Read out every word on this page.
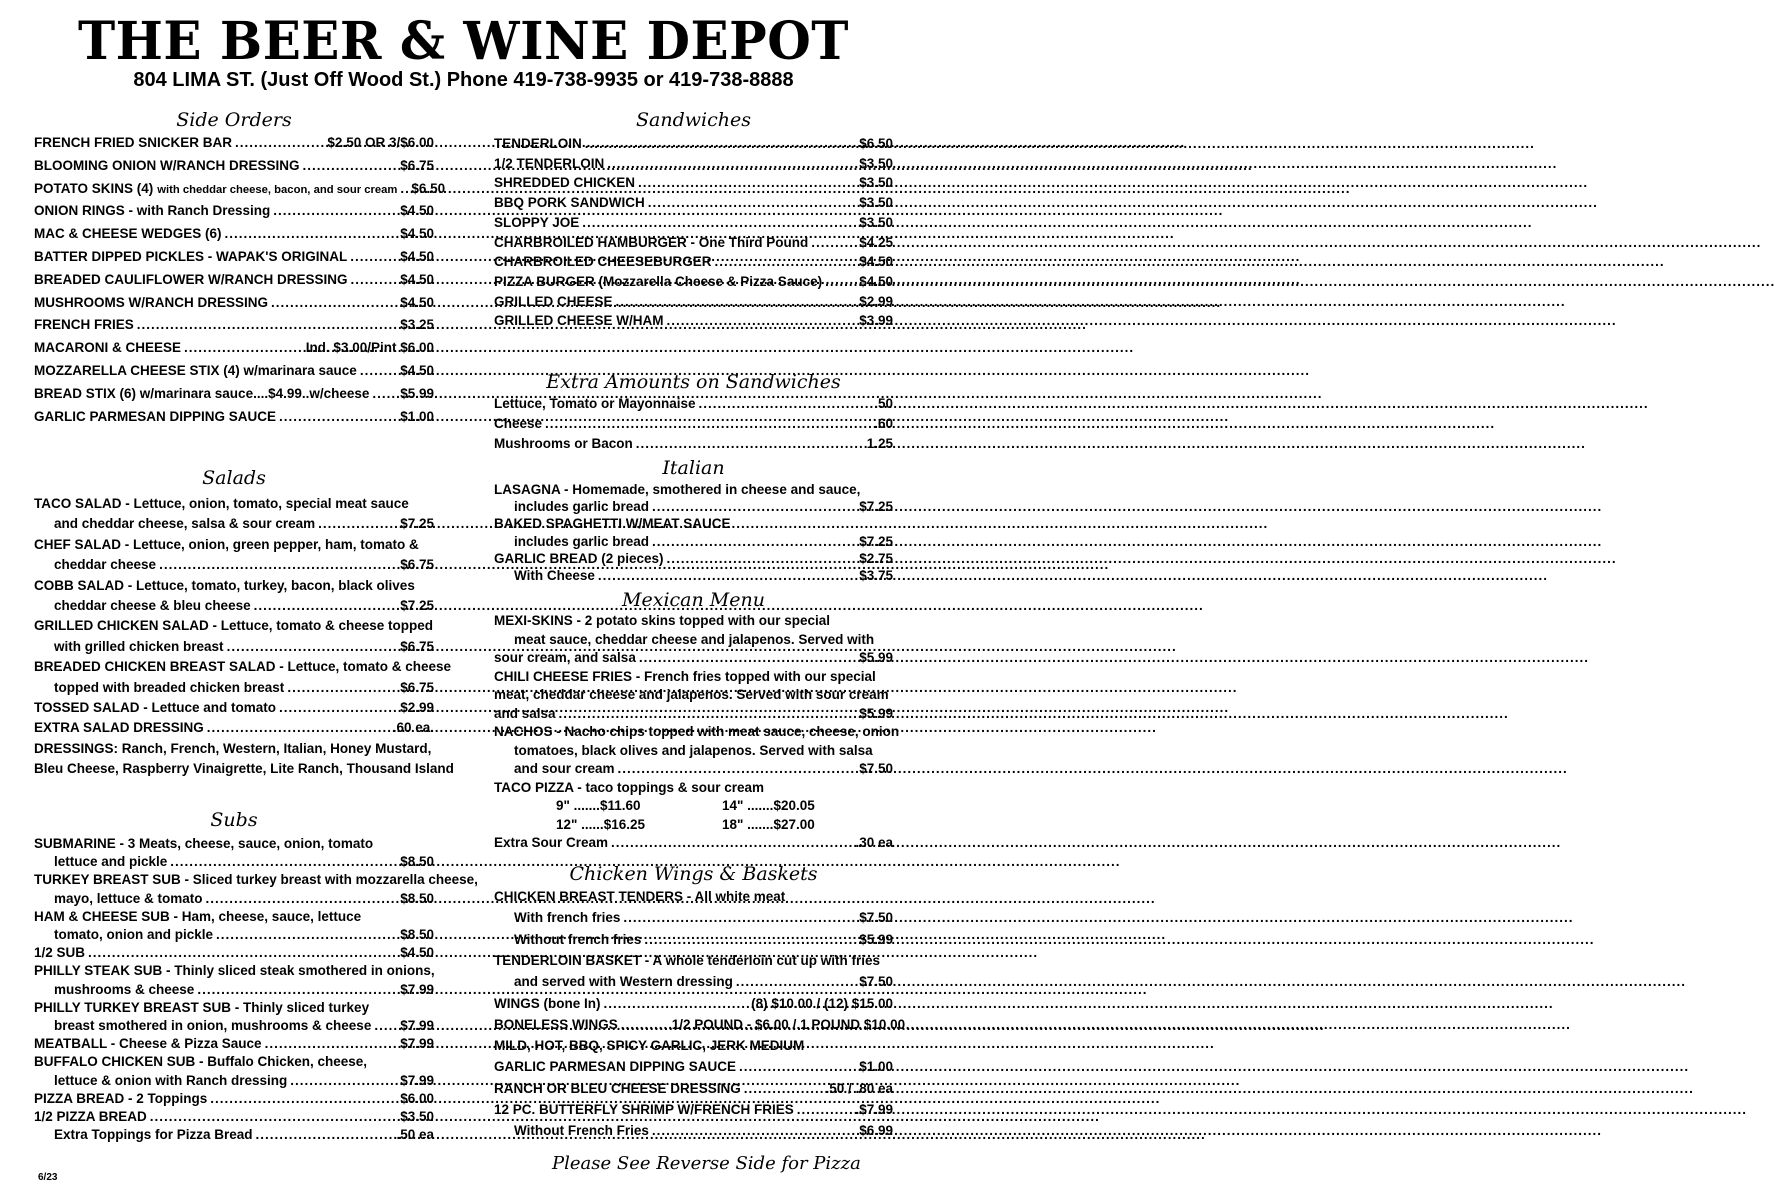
THE BEER & WINE DEPOT
804 LIMA ST. (Just Off Wood St.) Phone 419-738-9935 or 419-738-8888
Side Orders
FRENCH FRIED SNICKER BAR .....	$2.50 OR 3/$6.00
BLOOMING ONION W/RANCH DRESSING .....	$6.75
POTATO SKINS (4) with cheddar cheese, bacon, and sour cream ..... $6.50
ONION RINGS - with Ranch Dressing .....	$4.50
MAC & CHEESE WEDGES (6) .....	$4.50
BATTER DIPPED PICKLES - WAPAK'S ORIGINAL .....	$4.50
BREADED CAULIFLOWER W/RANCH DRESSING .....	$4.50
MUSHROOMS W/RANCH DRESSING .....	$4.50
FRENCH FRIES .....	$3.25
MACARONI & CHEESE .....	Ind. $3.00/Pint $6.00
MOZZARELLA CHEESE STIX (4) w/marinara sauce .....	$4.50
BREAD STIX (6) w/marinara sauce....$4.99..w/cheese ..... $5.99
GARLIC PARMESAN DIPPING SAUCE .....	$1.00
Salads
TACO SALAD - Lettuce, onion, tomato, special meat sauce
and cheddar cheese, salsa & sour cream .....	$7.25
CHEF SALAD - Lettuce, onion, green pepper, ham, tomato &
cheddar cheese .....	$6.75
COBB SALAD - Lettuce, tomato, turkey, bacon, black olives
cheddar cheese & bleu cheese .....	$7.25
GRILLED CHICKEN SALAD - Lettuce, tomato & cheese topped
with grilled chicken breast .....	$6.75
BREADED CHICKEN BREAST SALAD - Lettuce, tomato & cheese
topped with breaded chicken breast .....	$6.75
TOSSED SALAD - Lettuce and tomato .....	$2.99
EXTRA SALAD DRESSING .....	.60 ea.
DRESSINGS: Ranch, French, Western, Italian, Honey Mustard,
Bleu Cheese, Raspberry Vinaigrette, Lite Ranch, Thousand Island
Subs
SUBMARINE - 3 Meats, cheese, sauce, onion, tomato
lettuce and pickle .....	$8.50
TURKEY BREAST SUB - Sliced turkey breast with mozzarella cheese,
mayo, lettuce & tomato .....	$8.50
HAM & CHEESE SUB - Ham, cheese, sauce, lettuce
tomato, onion and pickle .....	$8.50
1/2 SUB .....	$4.50
PHILLY STEAK SUB - Thinly sliced steak smothered in onions,
mushrooms & cheese .....	$7.99
PHILLY TURKEY BREAST SUB - Thinly sliced turkey
breast smothered in onion, mushrooms & cheese ..... $7.99
MEATBALL - Cheese & Pizza Sauce .....	$7.99
BUFFALO CHICKEN SUB - Buffalo Chicken, cheese,
lettuce & onion with Ranch dressing .....	$7.99
PIZZA BREAD - 2 Toppings .....	$6.00
1/2 PIZZA BREAD .....	$3.50
Extra Toppings for Pizza Bread .....	.50 ea
6/23
Sandwiches
TENDERLOIN .....	$6.50
1/2 TENDERLOIN .....	$3.50
SHREDDED CHICKEN .....	$3.50
BBQ PORK SANDWICH .....	$3.50
SLOPPY JOE .....	$3.50
CHARBROILED HAMBURGER - One Third Pound .....	$4.25
CHARBROILED CHEESEBURGER .....	$4.50
PIZZA BURGER (Mozzarella Cheese & Pizza Sauce) .....	$4.50
GRILLED CHEESE .....	$2.99
GRILLED CHEESE W/HAM .....	$3.99
Extra Amounts on Sandwiches
Lettuce, Tomato or Mayonnaise .....	.50
Cheese .....	.60
Mushrooms or Bacon .....	1.25
Italian
LASAGNA - Homemade, smothered in cheese and sauce,
includes garlic bread .....	$7.25
BAKED SPAGHETTI W/MEAT SAUCE
includes garlic bread .....	$7.25
GARLIC BREAD (2 pieces) .....	$2.75
With Cheese .....	$3.75
Mexican Menu
MEXI-SKINS - 2 potato skins topped with our special
meat sauce, cheddar cheese and jalapenos. Served with
sour cream, and salsa .....	$5.99
CHILI CHEESE FRIES - French fries topped with our special
meat, cheddar cheese and jalapenos. Served with sour cream
and salsa .....	$5.99
NACHOS - Nacho chips topped with meat sauce, cheese, onion
tomatoes, black olives and jalapenos. Served with salsa
and sour cream .....	$7.50
TACO PIZZA - taco toppings & sour cream
9" .......$11.60	14" .......$20.05
12" ......$16.25	18" .......$27.00
Extra Sour Cream .....	.30 ea
Chicken Wings & Baskets
CHICKEN BREAST TENDERS - All white meat
With french fries .....	$7.50
Without french fries .....	$5.99
TENDERLOIN BASKET - A whole tenderloin cut up with fries
and served with Western dressing .....	$7.50
WINGS (bone In) .....	(8) $10.00 / (12) $15.00
BONELESS WINGS .....	1/2 POUND - $6.00 / 1 POUND $10.00
MILD, HOT, BBQ, SPICY GARLIC, JERK MEDIUM
GARLIC PARMESAN DIPPING SAUCE .....	$1.00
RANCH OR BLEU CHEESE DRESSING .....	.50 / .80 ea
12 PC. BUTTERFLY SHRIMP W/FRENCH FRIES .....	.$7.99
Without French Fries .....	$6.99
Please See Reverse Side for Pizza
